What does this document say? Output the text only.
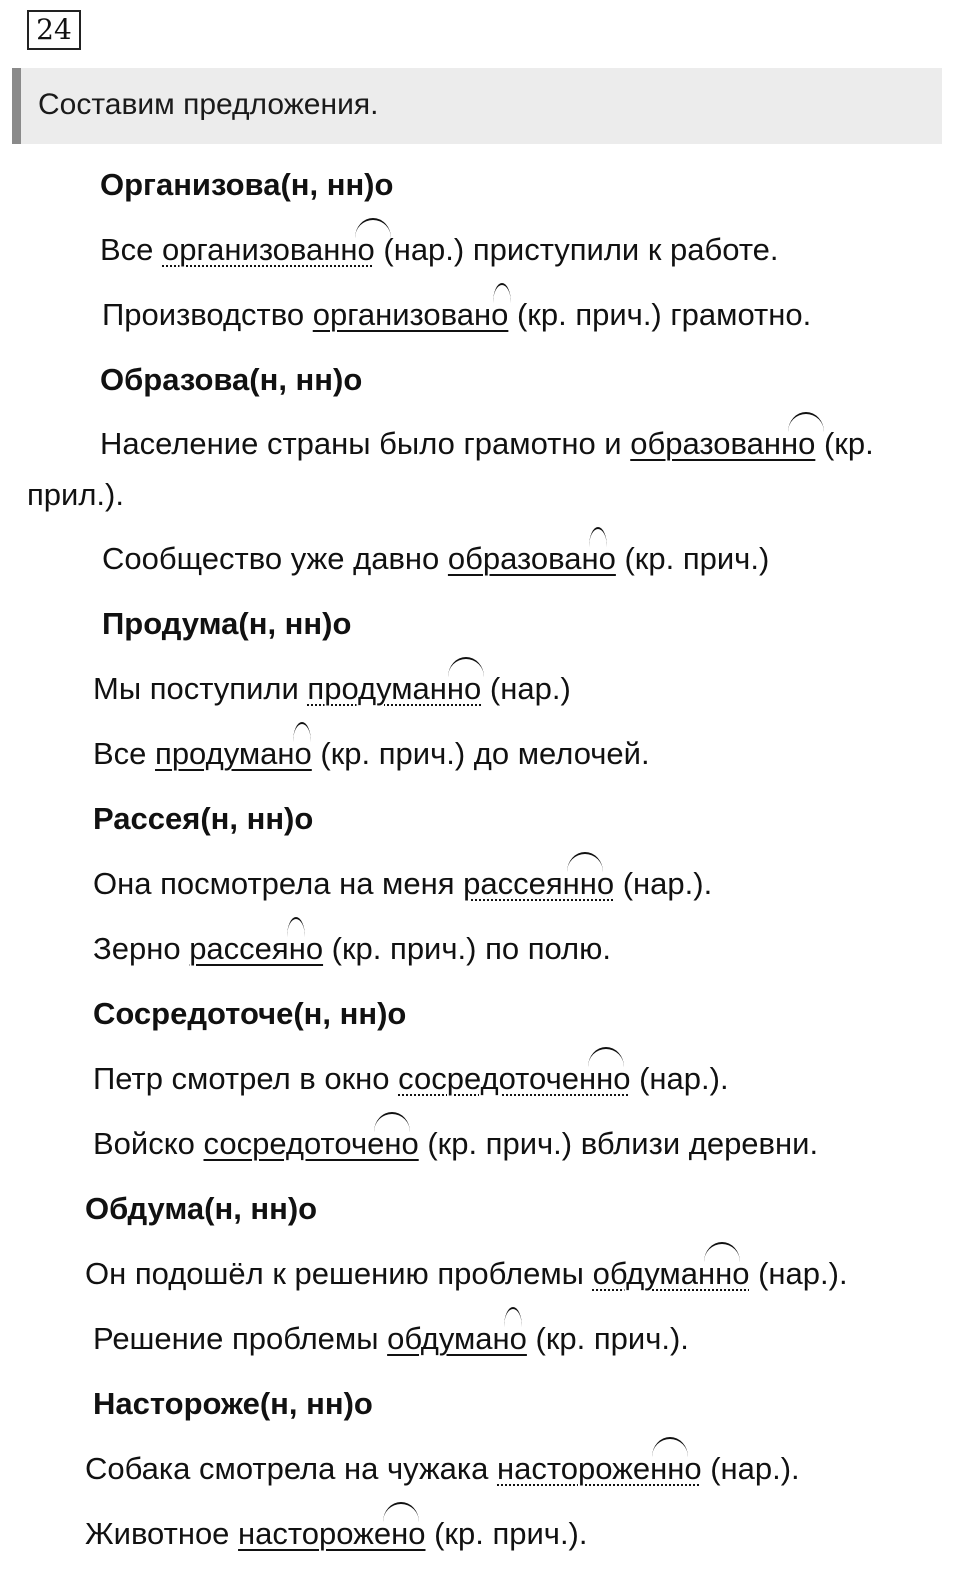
24
Составим предложения.
Организова(н, нн)о
Все организованно
(нар.) приступили к работе.
Производство организовано
(кр. прич.) грамотно.
Образова(н, нн)о
Население страны было грамотно и образованно
(кр.
прил.).
Сообщество уже давно образовано
(кр. прич.)
Продума(н, нн)о
Мы поступили продуманно
(нар.)
Все продумано
(кр. прич.) до мелочей.
Рассея(н, нн)о
Она посмотрела на меня рассеянно
(нар.).
Зерно рассеяно
(кр. прич.) по полю.
Сосредоточе(н, нн)о
Петр смотрел в окно сосредоточенно
(нар.).
Войско сосредоточено
(кр. прич.) вблизи деревни.
Обдума(н, нн)о
Он подошёл к решению проблемы обдуманно
(нар.).
Решение проблемы обдумано
(кр. прич.).
Настороже(н, нн)о
Собака смотрела на чужака настороженно
(нар.).
Животное насторожено
(кр. прич.).
